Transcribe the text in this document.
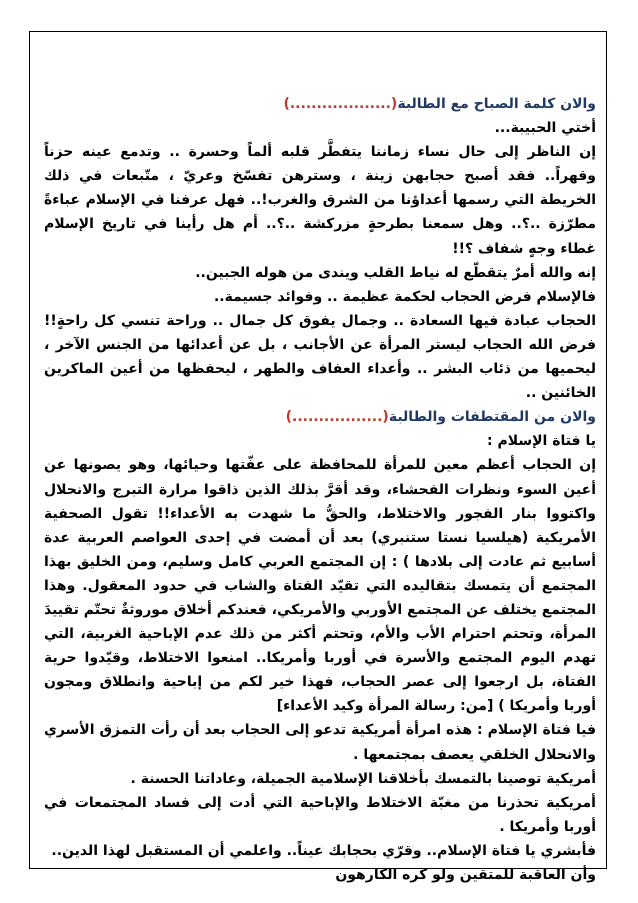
والان كلمة الصباح مع الطالبة(...................)

أختي الحبيبة...

إن الناظر إلى حال نساء زماننا يتفطَّر قلبه ألماً وحسرة .. وتدمع عينه حزناً وقهراً.. فقد أصبح حجابهن زينة ، وسترهن تفسّخ وعريّ ، متّبعات في ذلك الخريطة التي رسمها أعداؤنا من الشرق والغرب!.. فهل عرفنا في الإسلام عباءةً مطرّزة ..؟.. وهل سمعنا بطرحةٍ مزركشة ..؟.. أم هل رأينا في تاريخ الإسلام غطاء وجهٍ شفاف ؟!!

إنه والله أمرٌ يتقطّع له نياط القلب ويندى من هوله الجبين..

فالإسلام فرض الحجاب لحكمة عظيمة .. وفوائد جسيمة..

الحجاب عبادة فيها السعادة .. وجمال يفوق كل جمال .. وراحة تنسي كل راحةٍ!! فرض الله الحجاب ليستر المرأة عن الأجانب ، بل عن أعدائها من الجنس الآخر ، ليحميها من ذئاب البشر .. وأعداء العفاف والطهر ، ليحفظها من أعين الماكرين الخائنين ..

والان من المقتطفات والطالبة(.................)

يا فتاة الإسلام :

إن الحجاب أعظم معين للمرأة للمحافظة على عفّتها وحيائها، وهو يصونها عن أعين السوء ونظرات الفحشاء، وقد أقرَّ بذلك الذين ذاقوا مرارة التبرج والانحلال واكتووا بنار الفجور والاختلاط، والحقُّ ما شهدت به الأعداء!! تقول الصحفية الأمريكية (هيلسيا نستا ستنبري) بعد أن أمضت في إحدى العواصم العربية عدة أسابيع ثم عادت إلى بلادها ) : إن المجتمع العربي كامل وسليم، ومن الخليق بهذا المجتمع أن يتمسك بتقاليده التي تقيّد الفتاة والشاب في حدود المعقول. وهذا المجتمع يختلف عن المجتمع الأوربي والأمريكي، فعندكم أخلاق موروثةٌ تحتّم تقييدَ المرأة، وتحتم احترام الأب والأم، وتحتم أكثر من ذلك عدم الإباحية الغربية، التي تهدم اليوم المجتمع والأسرة في أوربا وأمريكا.. امنعوا الاختلاط، وقيّدوا حرية الفتاة، بل ارجعوا إلى عصر الحجاب، فهذا خير لكم من إباحية وانطلاق ومجون أوربا وأمريكا ) [من: رسالة المرأة وكيد الأعداء]

فيا فتاة الإسلام : هذه امرأة أمريكية تدعو إلى الحجاب بعد أن رأت التمزق الأسري والانحلال الخلقي يعصف بمجتمعها .

أمريكية توصينا بالتمسك بأخلاقنا الإسلامية الجميلة، وعاداتنا الحسنة .

أمريكية تحذرنا من مغبّة الاختلاط والإباحية التي أدت إلى فساد المجتمعات في أوربا وأمريكا .

فأبشري يا فتاة الإسلام.. وقرّي بحجابك عيناً.. واعلمي أن المستقبل لهذا الدين..

وأن العاقبة للمتقين ولو كره الكارهون
